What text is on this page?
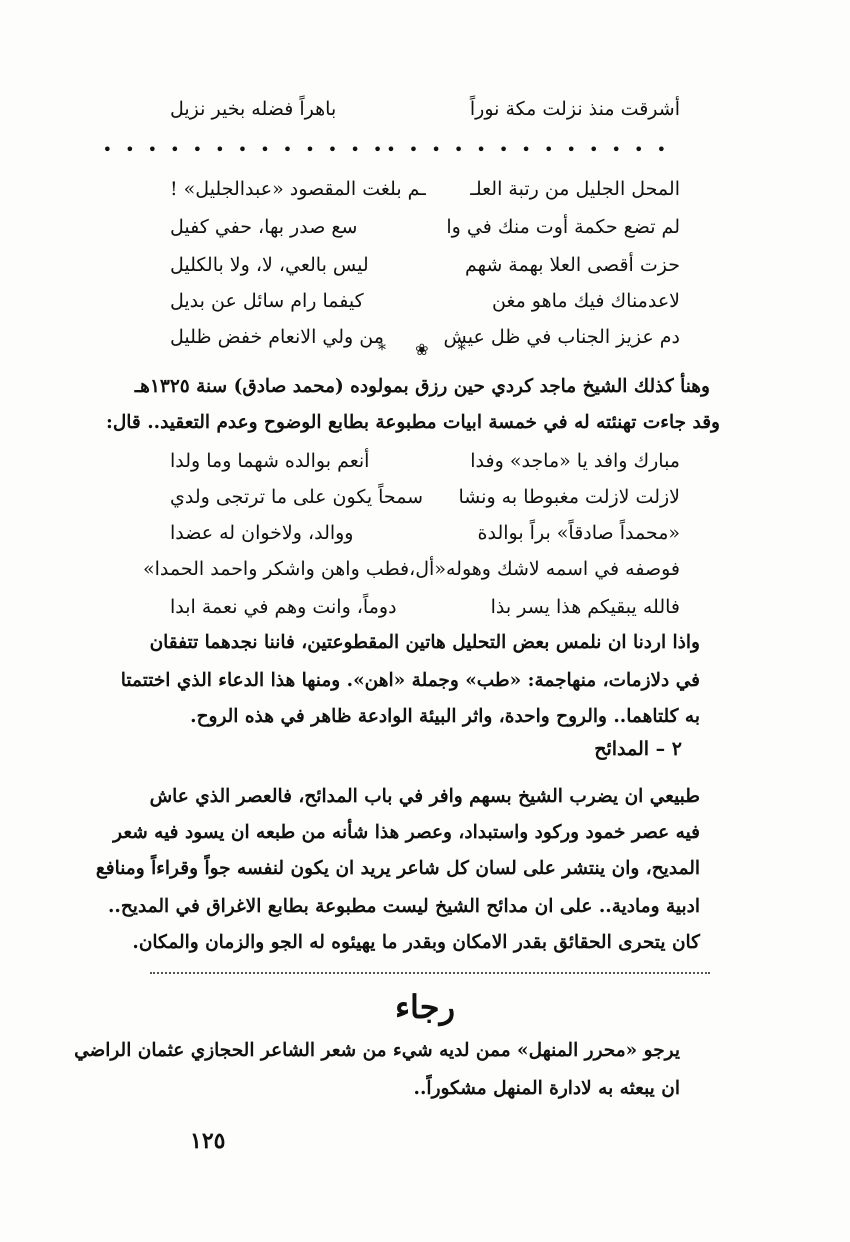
أشرقت منذ نزلت مكة نوراً
باهراً فضله بخير نزيل
• • • • • • • • • • • • •
• • • • • • • • • • • • •
المحل الجليل من رتبة العلـ
ـم بلغت المقصود «عبدالجليل» !
لم تضع حكمة أوت منك في وا
سع صدر بها، حفي كفيل
حزت أقصى العلا بهمة شهم
ليس بالعي، لا، ولا بالكليل
لاعدمناك فيك ماهو مغن
كيفما رام سائل عن بديل
دم عزيز الجناب في ظل عيش
من ولي الانعام خفض ظليل
* ❀ *
وهنأ كذلك الشيخ ماجد كردي حين رزق بمولوده (محمد صادق) سنة ١٣٢٥هـ
وقد جاءت تهنئته له في خمسة ابيات مطبوعة بطابع الوضوح وعدم التعقيد.. قال:
مبارك وافد يا «ماجد» وفدا
أنعم بوالده شهما وما ولدا
لازلت لازلت مغبوطا به ونشا
سمحاً يكون على ما ترتجى ولدي
«محمداً صادقاً» براً بوالدة
ووالد، ولاخوان له عضدا
فوصفه في اسمه لاشك وهوله
«أل،فطب واهن واشكر واحمد الحمدا»
فالله يبقيكم هذا يسر بذا
دوماً، وانت وهم في نعمة ابدا
واذا اردنا ان نلمس بعض التحليل هاتين المقطوعتين، فاننا نجدهما تتفقان
في دلازمات، منهاجمة: «طب» وجملة «اهن». ومنها هذا الدعاء الذي اختتمتا
به كلتاهما.. والروح واحدة، واثر البيئة الوادعة ظاهر في هذه الروح.
٢ – المدائح
طبيعي ان يضرب الشيخ بسهم وافر في باب المدائح، فالعصر الذي عاش
فيه عصر خمود وركود واستبداد، وعصر هذا شأنه من طبعه ان يسود فيه شعر
المديح، وان ينتشر على لسان كل شاعر يريد ان يكون لنفسه جواً وقراءاً ومنافع
ادبية ومادية.. على ان مدائح الشيخ ليست مطبوعة بطابع الاغراق في المديح..
كان يتحرى الحقائق بقدر الامكان وبقدر ما يهيئوه له الجو والزمان والمكان.
رجاء
يرجو «محرر المنهل» ممن لديه شيء من شعر الشاعر الحجازي عثمان الراضي
ان يبعثه به لادارة المنهل مشكوراً..
١٢٥
